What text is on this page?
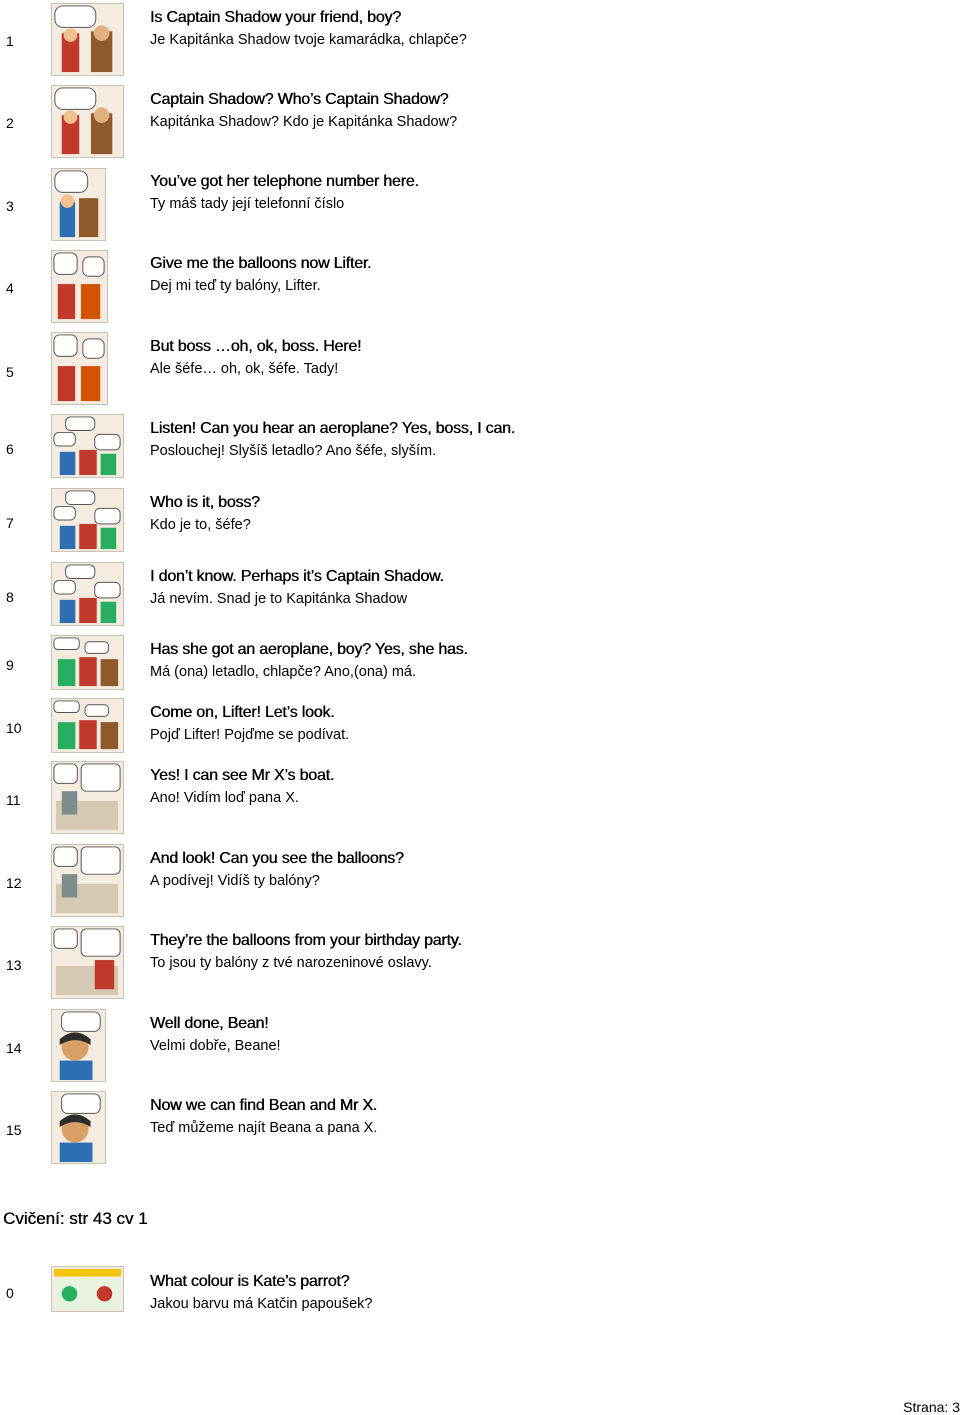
1
Is Captain Shadow your friend, boy?
Je Kapitánka Shadow tvoje kamarádka, chlapče?
2
Captain Shadow? Who’s Captain Shadow?
Kapitánka Shadow? Kdo je Kapitánka Shadow?
3
You’ve got her telephone number here.
Ty máš tady její telefonní číslo
4
Give me the balloons now Lifter.
Dej mi teď ty balóny, Lifter.
5
But boss …oh, ok, boss. Here!
Ale šéfe… oh, ok, šéfe. Tady!
6
Listen! Can you hear an aeroplane? Yes, boss, I can.
Poslouchej! Slyšíš letadlo? Ano šéfe, slyším.
7
Who is it, boss?
Kdo je to, šéfe?
8
I don’t know. Perhaps it’s Captain Shadow.
Já nevím. Snad je to Kapitánka Shadow
9
Has she got an aeroplane, boy? Yes, she has.
Má (ona) letadlo, chlapče? Ano,(ona) má.
10
Come on, Lifter! Let’s look.
Pojď Lifter! Pojďme se podívat.
11
Yes! I can see Mr X’s boat.
Ano! Vidím loď pana X.
12
And look! Can you see the balloons?
A podívej! Vidíš ty balóny?
13
They’re the balloons from your birthday party.
To jsou ty balóny z tvé narozeninové oslavy.
14
Well done, Bean!
Velmi dobře, Beane!
15
Now we can find Bean and Mr X.
Teď můžeme najít Beana a pana X.
Cvičení: str 43 cv 1
0
What colour is Kate’s parrot?
Jakou barvu má Katčin papoušek?
Strana: 3
